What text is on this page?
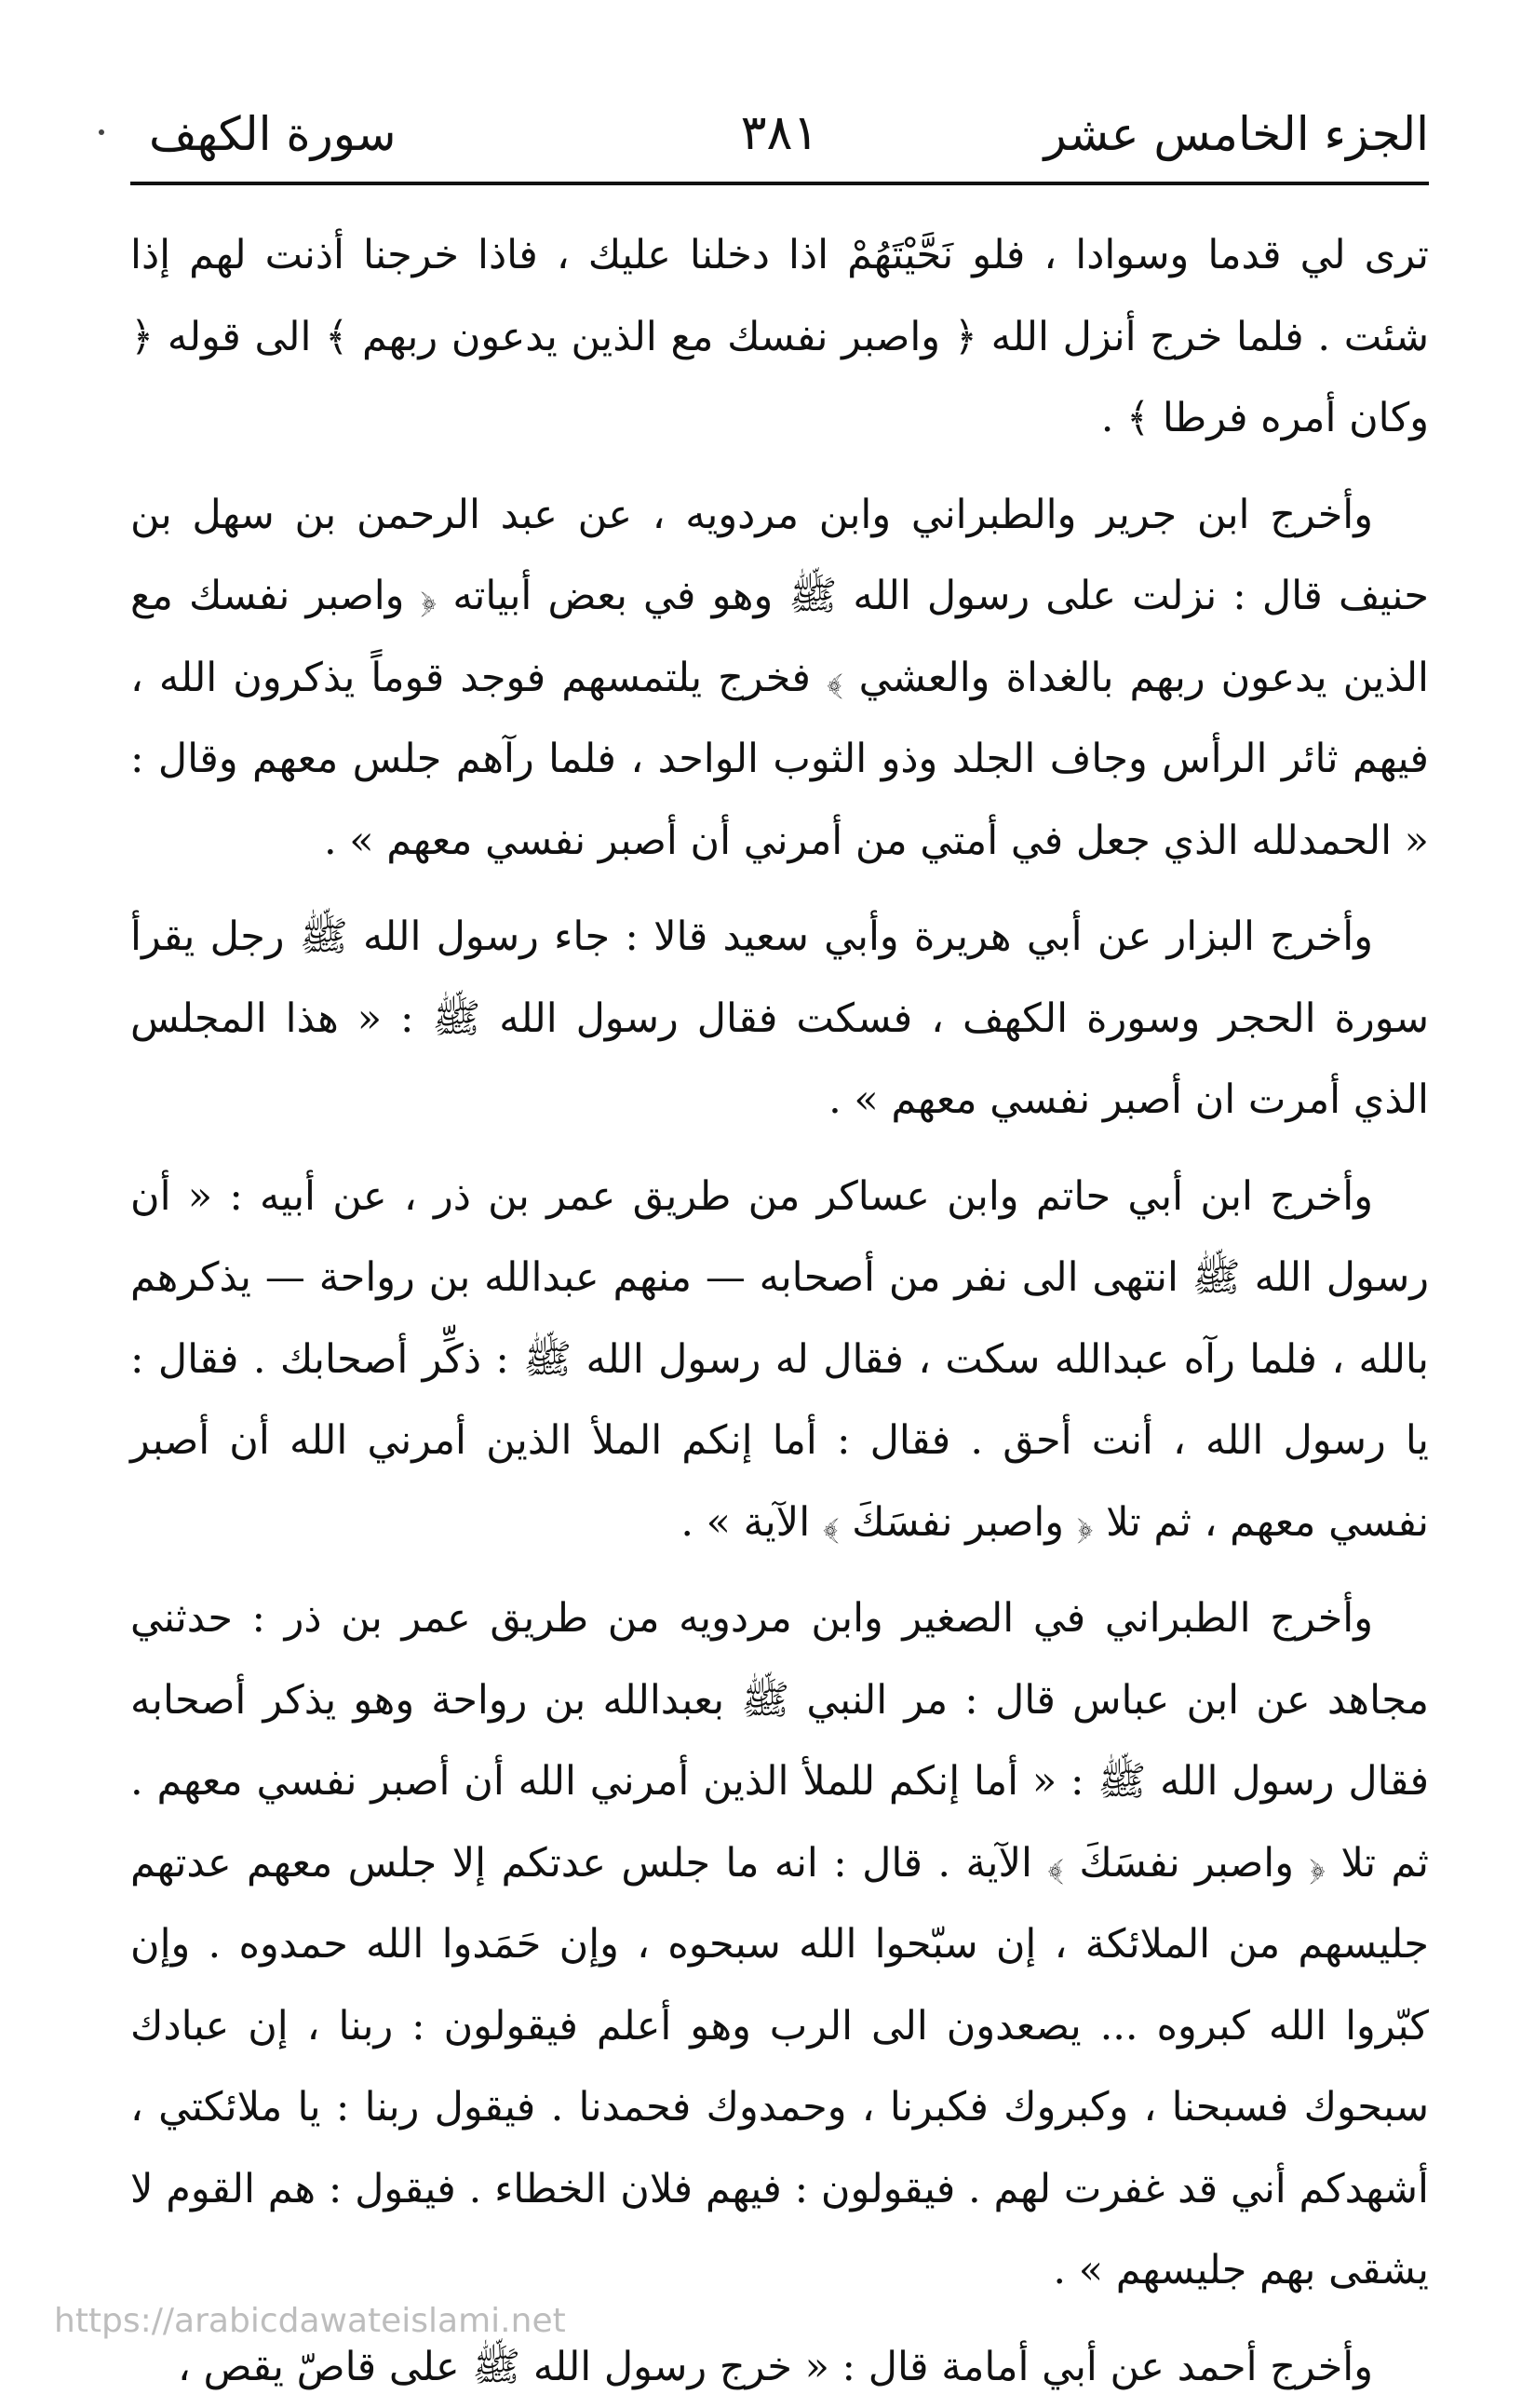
الجزء الخامس عشر
٣٨١
سورة الكهف

ترى لي قدما وسوادا ، فلو نَحَّيْتَهُمْ اذا دخلنا عليك ، فاذا خرجنا أذنت لهم إذا شئت . فلما خرج أنزل الله ﴿ واصبر نفسك مع الذين يدعون ربهم ﴾ الى قوله ﴿ وكان أمره فرطا ﴾ .

وأخرج ابن جرير والطبراني وابن مردويه ، عن عبد الرحمن بن سهل بن حنيف قال : نزلت على رسول الله ﷺ وهو في بعض أبياته ﴿ واصبر نفسك مع الذين يدعون ربهم بالغداة والعشي ﴾ فخرج يلتمسهم فوجد قوماً يذكرون الله ، فيهم ثائر الرأس وجاف الجلد وذو الثوب الواحد ، فلما رآهم جلس معهم وقال : « الحمدلله الذي جعل في أمتي من أمرني أن أصبر نفسي معهم » .

وأخرج البزار عن أبي هريرة وأبي سعيد قالا : جاء رسول الله ﷺ رجل يقرأ سورة الحجر وسورة الكهف ، فسكت فقال رسول الله ﷺ : « هذا المجلس الذي أمرت ان أصبر نفسي معهم » .

وأخرج ابن أبي حاتم وابن عساكر من طريق عمر بن ذر ، عن أبيه : « أن رسول الله ﷺ انتهى الى نفر من أصحابه — منهم عبدالله بن رواحة — يذكرهم بالله ، فلما رآه عبدالله سكت ، فقال له رسول الله ﷺ : ذكِّر أصحابك . فقال : يا رسول الله ، أنت أحق . فقال : أما إنكم الملأ الذين أمرني الله أن أصبر نفسي معهم ، ثم تلا ﴿ واصبر نفسَكَ ﴾ الآية » .

وأخرج الطبراني في الصغير وابن مردويه من طريق عمر بن ذر : حدثني مجاهد عن ابن عباس قال : مر النبي ﷺ بعبدالله بن رواحة وهو يذكر أصحابه فقال رسول الله ﷺ : « أما إنكم للملأ الذين أمرني الله أن أصبر نفسي معهم . ثم تلا ﴿ واصبر نفسَكَ ﴾ الآية . قال : انه ما جلس عدتكم إلا جلس معهم عدتهم جليسهم من الملائكة ، إن سبّحوا الله سبحوه ، وإن حَمَدوا الله حمدوه . وإن كبّروا الله كبروه ... يصعدون الى الرب وهو أعلم فيقولون : ربنا ، إن عبادك سبحوك فسبحنا ، وكبروك فكبرنا ، وحمدوك فحمدنا . فيقول ربنا : يا ملائكتي ، أشهدكم أني قد غفرت لهم . فيقولون : فيهم فلان الخطاء . فيقول : هم القوم لا يشقى بهم جليسهم » .

وأخرج أحمد عن أبي أمامة قال : « خرج رسول الله ﷺ على قاصّ يقص ،

https://arabicdawateislami.net
